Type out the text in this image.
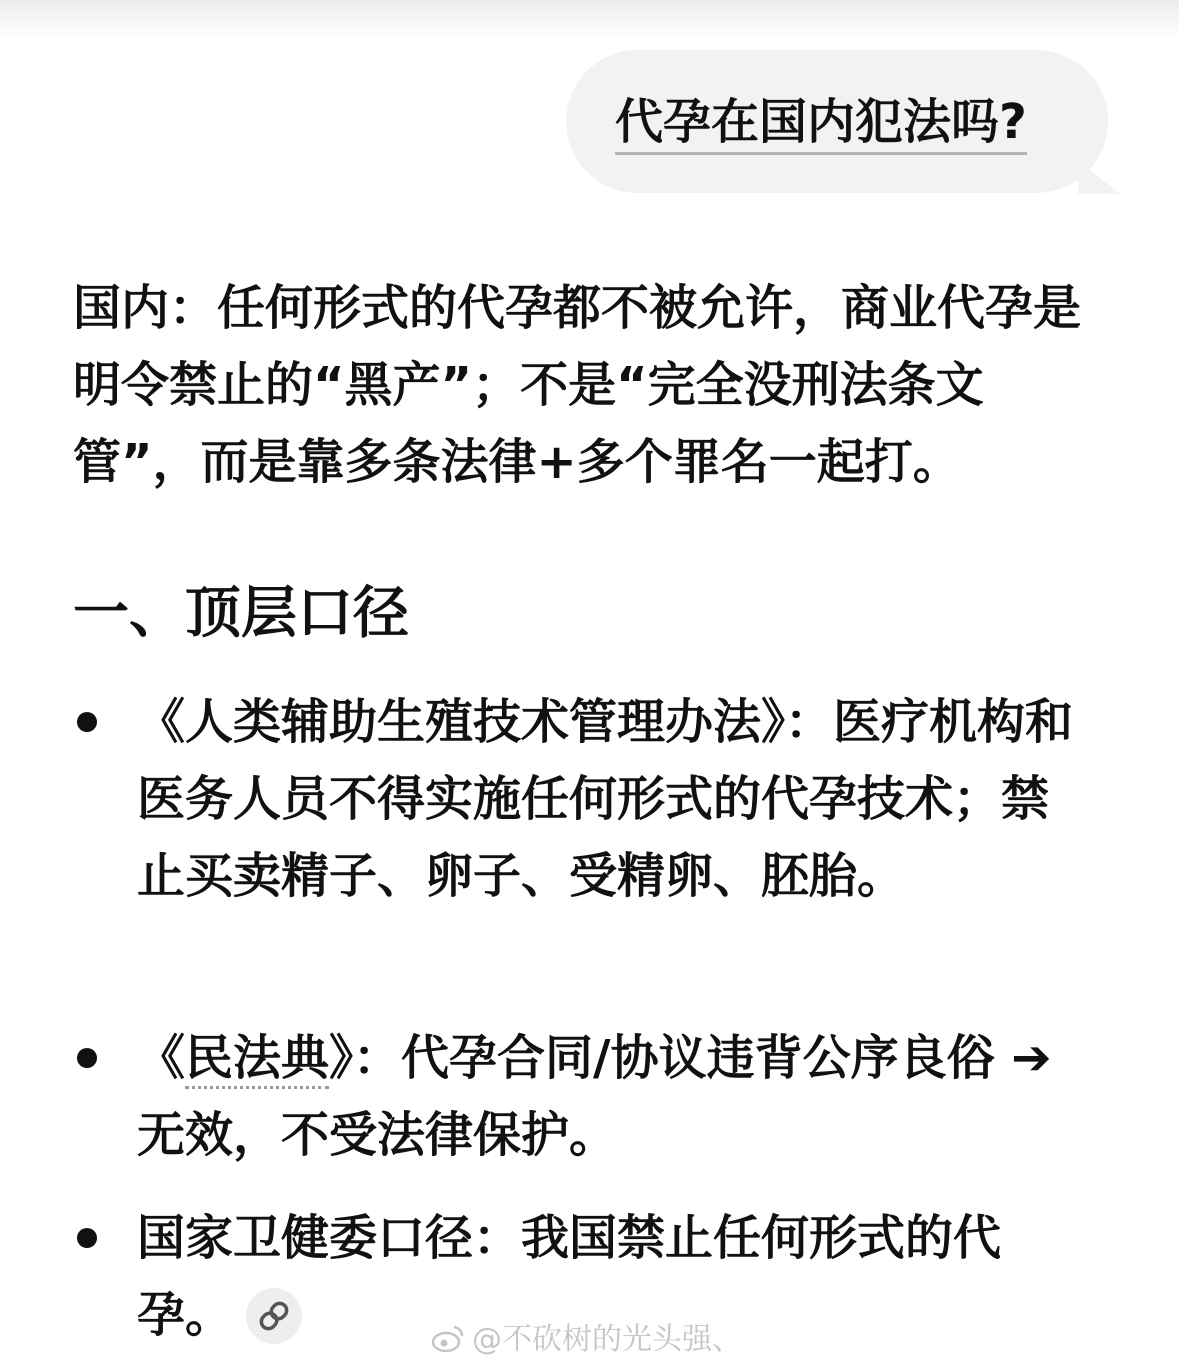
代孕在国内犯法吗?
国内：任何形式的代孕都不被允许，商业代孕是明令禁止的“黑产”；不是“完全没刑法条文管”，而是靠多条法律+多个罪名一起打。
一、顶层口径
《人类辅助生殖技术管理办法》：医疗机构和医务人员不得实施任何形式的代孕技术；禁止买卖精子、卵子、受精卵、胚胎。
《民法典》：代孕合同/协议违背公序良俗 ➔ 无效，不受法律保护。
国家卫健委口径：我国禁止任何形式的代孕。	@不砍树的光头强、
